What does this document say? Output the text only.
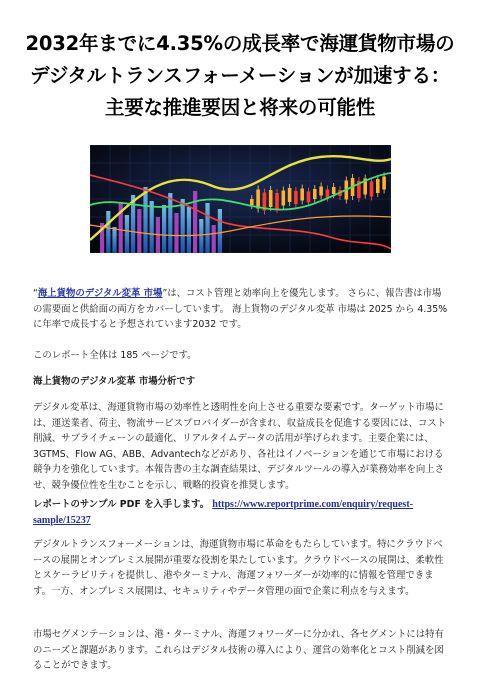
2032年までに4.35%の成長率で海運貨物市場のデジタルトランスフォーメーションが加速する：主要な推進要因と将来の可能性

“海上貨物のデジタル変革 市場”は、コスト管理と効率向上を優先します。 さらに、報告書は市場の需要面と供給面の両方をカバーしています。 海上貨物のデジタル変革 市場は 2025 から 4.35% に年率で成長すると予想されています2032 です。

このレポート全体は 185 ページです。

海上貨物のデジタル変革 市場分析です

デジタル変革は、海運貨物市場の効率性と透明性を向上させる重要な要素です。ターゲット市場には、運送業者、荷主、物流サービスプロバイダーが含まれ、収益成長を促進する要因には、コスト削減、サプライチェーンの最適化、リアルタイムデータの活用が挙げられます。主要企業には、3GTMS、Flow AG、ABB、Advantechなどがあり、各社はイノベーションを通じて市場における競争力を強化しています。本報告書の主な調査結果は、デジタルツールの導入が業務効率を向上させ、競争優位性を生むことを示し、戦略的投資を推奨します。

レポートのサンプル PDF を入手します。 https://www.reportprime.com/enquiry/request-sample/15237

デジタルトランスフォーメーションは、海運貨物市場に革命をもたらしています。特にクラウドベースの展開とオンプレミス展開が重要な役割を果たしています。クラウドベースの展開は、柔軟性とスケーラビリティを提供し、港やターミナル、海運フォワーダーが効率的に情報を管理できます。一方、オンプレミス展開は、セキュリティやデータ管理の面で企業に利点を与えます。

市場セグメンテーションは、港・ターミナル、海運フォワーダーに分かれ、各セグメントには特有のニーズと課題があります。これらはデジタル技術の導入により、運営の効率化とコスト削減を図ることができます。
